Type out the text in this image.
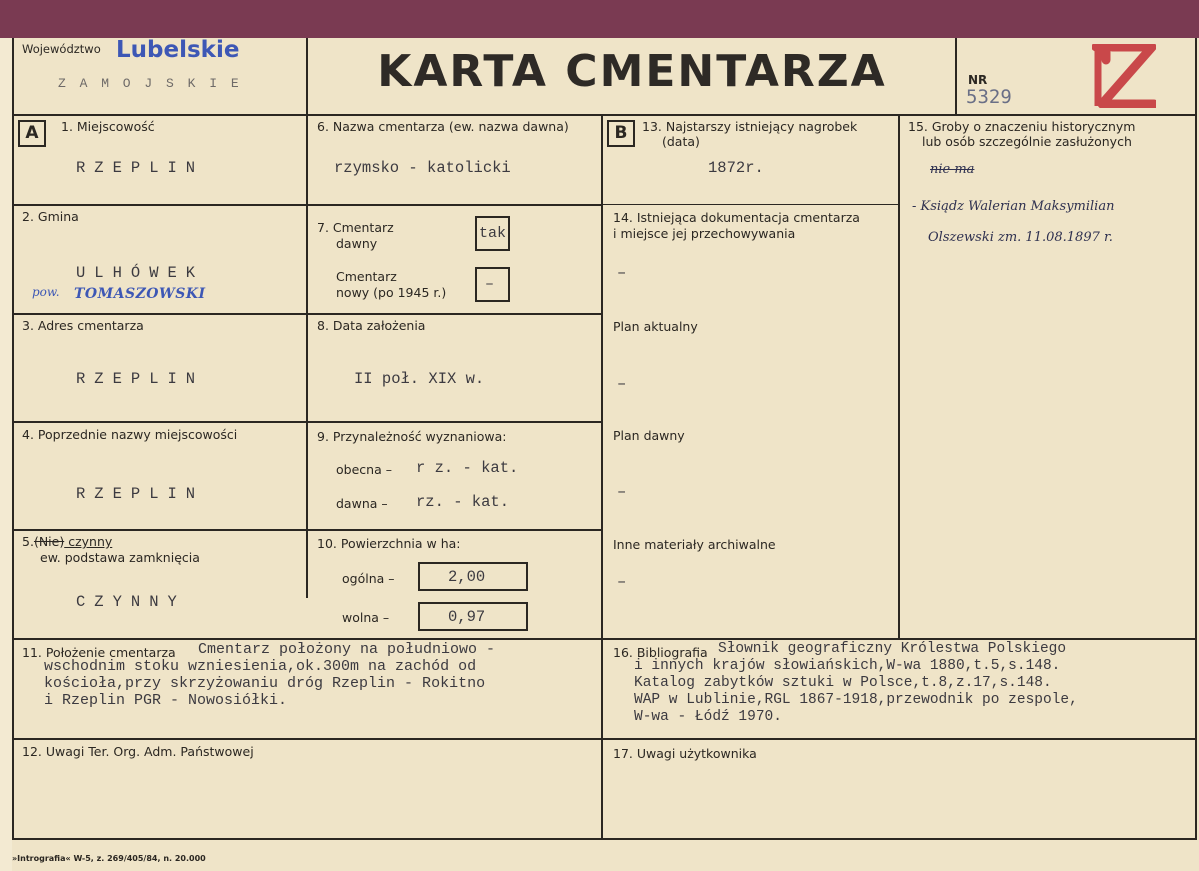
Województwo Lubelskie
Z A M O J S K I E	KARTA CMENTARZA	NR
5329
A	B
1. Miejscowość
RZEPLIN
2. Gmina
ULHÓWEK
pow. TOMASZOWSKI
3. Adres cmentarza
RZEPLIN
4. Poprzednie nazwy miejscowości
RZEPLIN
5.(Nie) czynny
ew. podstawa zamknięcia
CZYNNY
6. Nazwa cmentarza (ew. nazwa dawna)
rzymsko - katolicki
7. Cmentarz
dawny
tak
Cmentarz
nowy (po 1945 r.)	–
8. Data założenia
II poł. XIX w.
9. Przynależność wyznaniowa:
obecna – r z. - kat.
dawna – rz. - kat.
10. Powierzchnia w ha:
ogólna –	2,00
wolna –	0,97
13. Najstarszy istniejący nagrobek
(data)
1872r.
14. Istniejąca dokumentacja cmentarza
i miejsce jej przechowywania
–
Plan aktualny
–
Plan dawny
–
Inne materiały archiwalne
–
15. Groby o znaczeniu historycznym
lub osób szczególnie zasłużonych
nie ma
- Ksiądz Walerian Maksymilian
Olszewski zm. 11.08.1897 r.
11. Położenie cmentarza Cmentarz położony na południowo -
wschodnim stoku wzniesienia,ok.300m na zachód od
kościoła,przy skrzyżowaniu dróg Rzeplin - Rokitno
i Rzeplin PGR - Nowosiółki.
16. Bibliografia Słownik geograficzny Królestwa Polskiego
i innych krajów słowiańskich,W-wa 1880,t.5,s.148.
Katalog zabytków sztuki w Polsce,t.8,z.17,s.148.
WAP w Lublinie,RGL 1867-1918,przewodnik po zespole,
W-wa - Łódź 1970.
12. Uwagi Ter. Org. Adm. Państwowej	17. Uwagi użytkownika
»Intrografia« W-5, z. 269/405/84, n. 20.000
